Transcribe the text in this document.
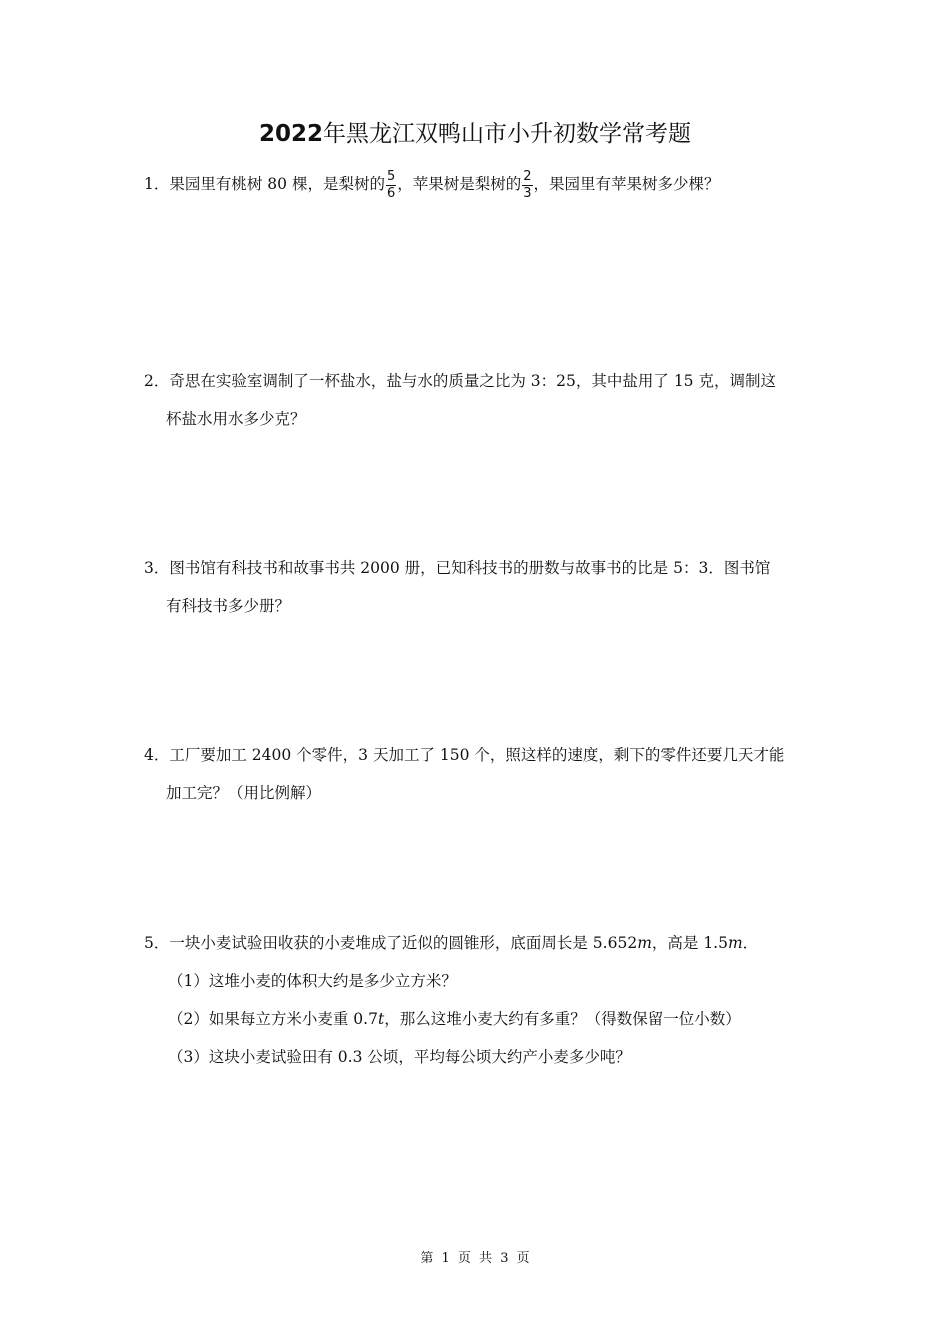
2022年黑龙江双鸭山市小升初数学常考题
1．果园里有桃树 80 棵，是梨树的 $\frac{5}{6}$ ，苹果树是梨树的 $\frac{2}{3}$ ，果园里有苹果树多少棵？
2．奇思在实验室调制了一杯盐水，盐与水的质量之比为 3：25，其中盐用了 15 克，调制这
杯盐水用水多少克？
3．图书馆有科技书和故事书共 2000 册，已知科技书的册数与故事书的比是 5：3．图书馆
有科技书多少册？
4．工厂要加工 2400 个零件，3 天加工了 150 个，照这样的速度，剩下的零件还要几天才能
加工完？（用比例解）
5．一块小麦试验田收获的小麦堆成了近似的圆锥形，底面周长是 5.652m，高是 1.5m．
（1）这堆小麦的体积大约是多少立方米？
（2）如果每立方米小麦重 0.7t，那么这堆小麦大约有多重？（得数保留一位小数）
（3）这块小麦试验田有 0.3 公顷，平均每公顷大约产小麦多少吨？
第 1 页 共 3 页
